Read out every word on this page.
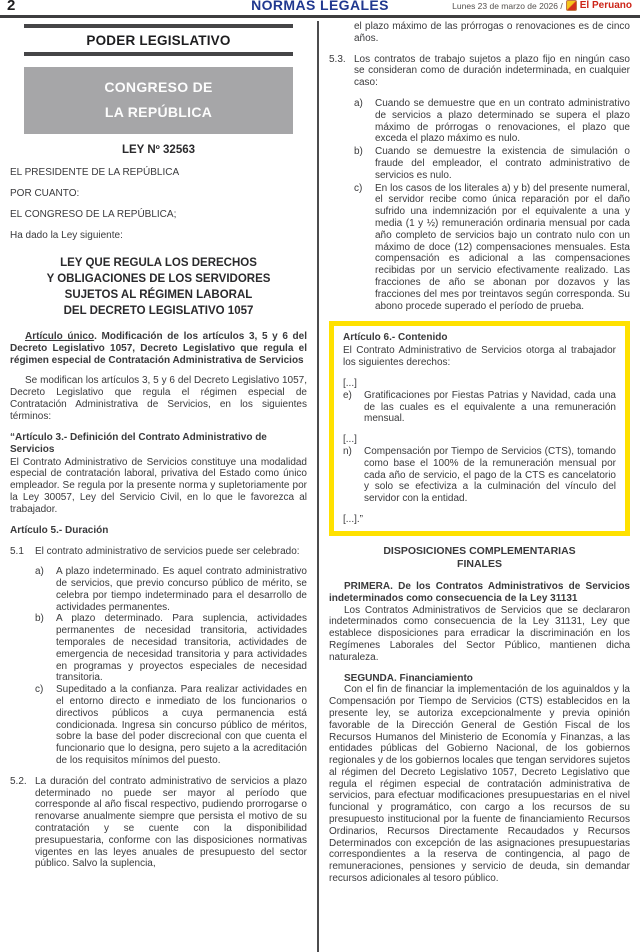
2	NORMAS LEGALES	Lunes 23 de marzo de 2026 / El Peruano
PODER LEGISLATIVO
CONGRESO DE
LA REPÚBLICA
LEY Nº 32563

EL PRESIDENTE DE LA REPÚBLICA

POR CUANTO:

EL CONGRESO DE LA REPÚBLICA;

Ha dado la Ley siguiente:

LEY QUE REGULA LOS DERECHOS
Y OBLIGACIONES DE LOS SERVIDORES
SUJETOS AL RÉGIMEN LABORAL
DEL DECRETO LEGISLATIVO 1057

Artículo único. Modificación de los artículos 3, 5 y 6 del Decreto Legislativo 1057, Decreto Legislativo que regula el régimen especial de Contratación Administrativa de Servicios

Se modifican los artículos 3, 5 y 6 del Decreto Legislativo 1057, Decreto Legislativo que regula el régimen especial de Contratación Administrativa de Servicios, en los siguientes términos:

“Artículo 3.- Definición del Contrato Administrativo de Servicios

El Contrato Administrativo de Servicios constituye una modalidad especial de contratación laboral, privativa del Estado como único empleador. Se regula por la presente norma y supletoriamente por la Ley 30057, Ley del Servicio Civil, en lo que le favorezca al trabajador.

Artículo 5.- Duración

5.1	El contrato administrativo de servicios puede ser celebrado:
a)	A plazo indeterminado. Es aquel contrato administrativo de servicios, que previo concurso público de mérito, se celebra por tiempo indeterminado para el desarrollo de actividades permanentes.
b)	A plazo determinado. Para suplencia, actividades permanentes de necesidad transitoria, actividades temporales de necesidad transitoria, actividades de emergencia de necesidad transitoria y para actividades en programas y proyectos especiales de necesidad transitoria.
c)	Supeditado a la confianza. Para realizar actividades en el entorno directo e inmediato de los funcionarios o directivos públicos a cuya permanencia está condicionada. Ingresa sin concurso público de méritos, sobre la base del poder discrecional con que cuenta el funcionario que lo designa, pero sujeto a la acreditación de los requisitos mínimos del puesto.
5.2. La duración del contrato administrativo de servicios a plazo determinado no puede ser mayor al período que corresponde al año fiscal respectivo, pudiendo prorrogarse o renovarse anualmente siempre que persista el motivo de su contratación y se cuente con la disponibilidad presupuestaria, conforme con las disposiciones normativas vigentes en las leyes anuales de presupuesto del sector público. Salvo la suplencia,

el plazo máximo de las prórrogas o renovaciones es de cinco años.

5.3. Los contratos de trabajo sujetos a plazo fijo en ningún caso se consideran como de duración indeterminada, en cualquier caso:
a)	Cuando se demuestre que en un contrato administrativo de servicios a plazo determinado se supera el plazo máximo de prórrogas o renovaciones, el plazo que exceda el plazo máximo es nulo.
b)	Cuando se demuestre la existencia de simulación o fraude del empleador, el contrato administrativo de servicios es nulo.
c)	En los casos de los literales a) y b) del presente numeral, el servidor recibe como única reparación por el daño sufrido una indemnización por el equivalente a una y media (1 y ½) remuneración ordinaria mensual por cada año completo de servicios bajo un contrato nulo con un máximo de doce (12) compensaciones mensuales. Esta compensación es adicional a las compensaciones recibidas por un servicio efectivamente realizado. Las fracciones de año se abonan por dozavos y las fracciones del mes por treintavos según corresponda. Su abono procede superado el período de prueba.

Artículo 6.- Contenido

El Contrato Administrativo de Servicios otorga al trabajador los siguientes derechos:

[...]

e)	Gratificaciones por Fiestas Patrias y Navidad, cada una de las cuales es el equivalente a una remuneración mensual.

[...]

n)	Compensación por Tiempo de Servicios (CTS), tomando como base el 100% de la remuneración mensual por cada año de servicio, el pago de la CTS es cancelatorio y solo se efectiviza a la culminación del vínculo del servidor con la entidad.

[...].”

DISPOSICIONES COMPLEMENTARIAS
FINALES

PRIMERA. De los Contratos Administrativos de Servicios indeterminados como consecuencia de la Ley 31131

Los Contratos Administrativos de Servicios que se declararon indeterminados como consecuencia de la Ley 31131, Ley que establece disposiciones para erradicar la discriminación en los Regímenes Laborales del Sector Público, mantienen dicha naturaleza.

SEGUNDA. Financiamiento

Con el fin de financiar la implementación de los aguinaldos y la Compensación por Tiempo de Servicios (CTS) establecidos en la presente ley, se autoriza excepcionalmente y previa opinión favorable de la Dirección General de Gestión Fiscal de los Recursos Humanos del Ministerio de Economía y Finanzas, a las entidades públicas del Gobierno Nacional, de los gobiernos regionales y de los gobiernos locales que tengan servidores sujetos al régimen del Decreto Legislativo 1057, Decreto Legislativo que regula el régimen especial de contratación administrativa de servicios, para efectuar modificaciones presupuestarias en el nivel funcional y programático, con cargo a los recursos de su presupuesto institucional por la fuente de financiamiento Recursos Ordinarios, Recursos Directamente Recaudados y Recursos Determinados con excepción de las asignaciones presupuestarias correspondientes a la reserva de contingencia, al pago de remuneraciones, pensiones y servicio de deuda, sin demandar recursos adicionales al tesoro público.
